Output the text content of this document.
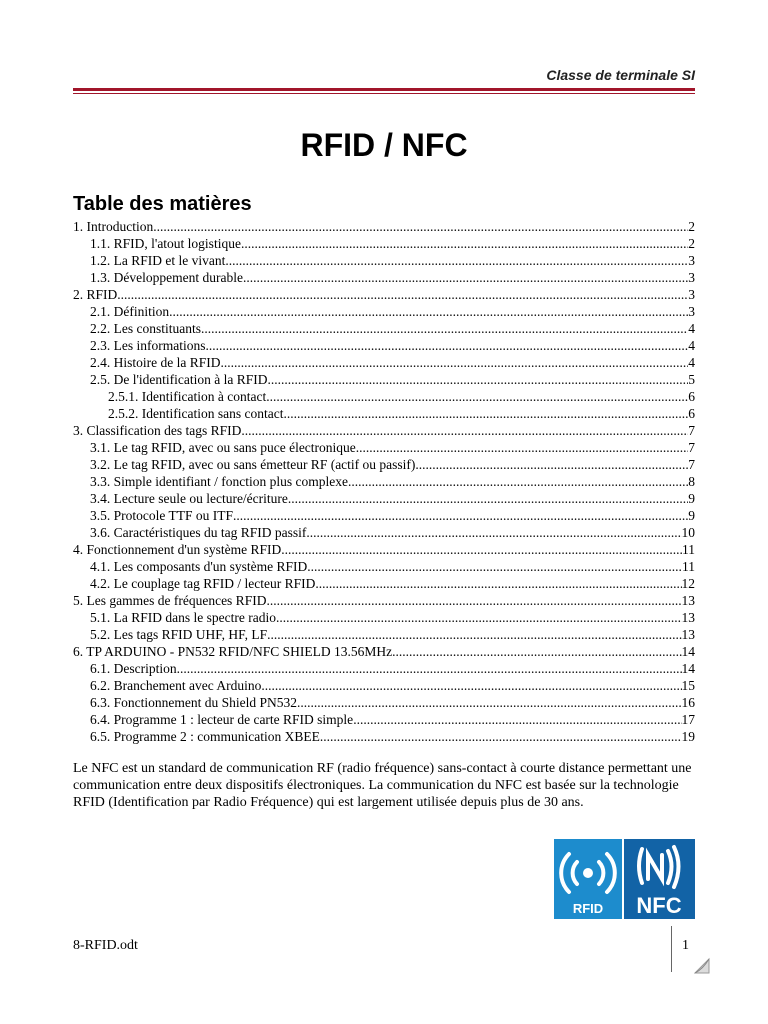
Classe de terminale SI
RFID / NFC
Table des matières
1. Introduction .....	2
1.1. RFID, l'atout logistique .....	2
1.2. La RFID et le vivant .....	3
1.3. Développement durable .....	3
2. RFID .....	3
2.1. Définition .....	3
2.2. Les constituants .....	4
2.3. Les informations .....	4
2.4. Histoire de la RFID .....	4
2.5. De l'identification à la RFID .....	5
2.5.1. Identification à contact .....	6
2.5.2. Identification sans contact .....	6
3. Classification des tags RFID .....	7
3.1. Le tag RFID, avec ou sans puce électronique .....	7
3.2. Le tag RFID, avec ou sans émetteur RF (actif ou passif) .....	7
3.3. Simple identifiant / fonction plus complexe .....	8
3.4. Lecture seule ou lecture/écriture .....	9
3.5. Protocole TTF ou ITF .....	9
3.6. Caractéristiques du tag RFID passif .....	10
4. Fonctionnement d'un système RFID .....	11
4.1. Les composants d'un système RFID .....	11
4.2. Le couplage tag RFID / lecteur RFID .....	12
5. Les gammes de fréquences RFID .....	13
5.1. La RFID dans le spectre radio .....	13
5.2. Les tags RFID UHF, HF, LF .....	13
6. TP ARDUINO - PN532 RFID/NFC SHIELD 13.56MHz .....	14
6.1. Description .....	14
6.2. Branchement avec Arduino .....	15
6.3. Fonctionnement du Shield PN532 .....	16
6.4. Programme 1 : lecteur de carte RFID simple .....	17
6.5. Programme 2 : communication XBEE .....	19
Le NFC est un standard de communication RF (radio fréquence) sans-contact à courte distance permettant une communication entre deux dispositifs électroniques. La communication du NFC est basée sur la technologie RFID (Identification par Radio Fréquence) qui est largement utilisée depuis plus de 30 ans.
RFID NFC
8-RFID.odt	1
